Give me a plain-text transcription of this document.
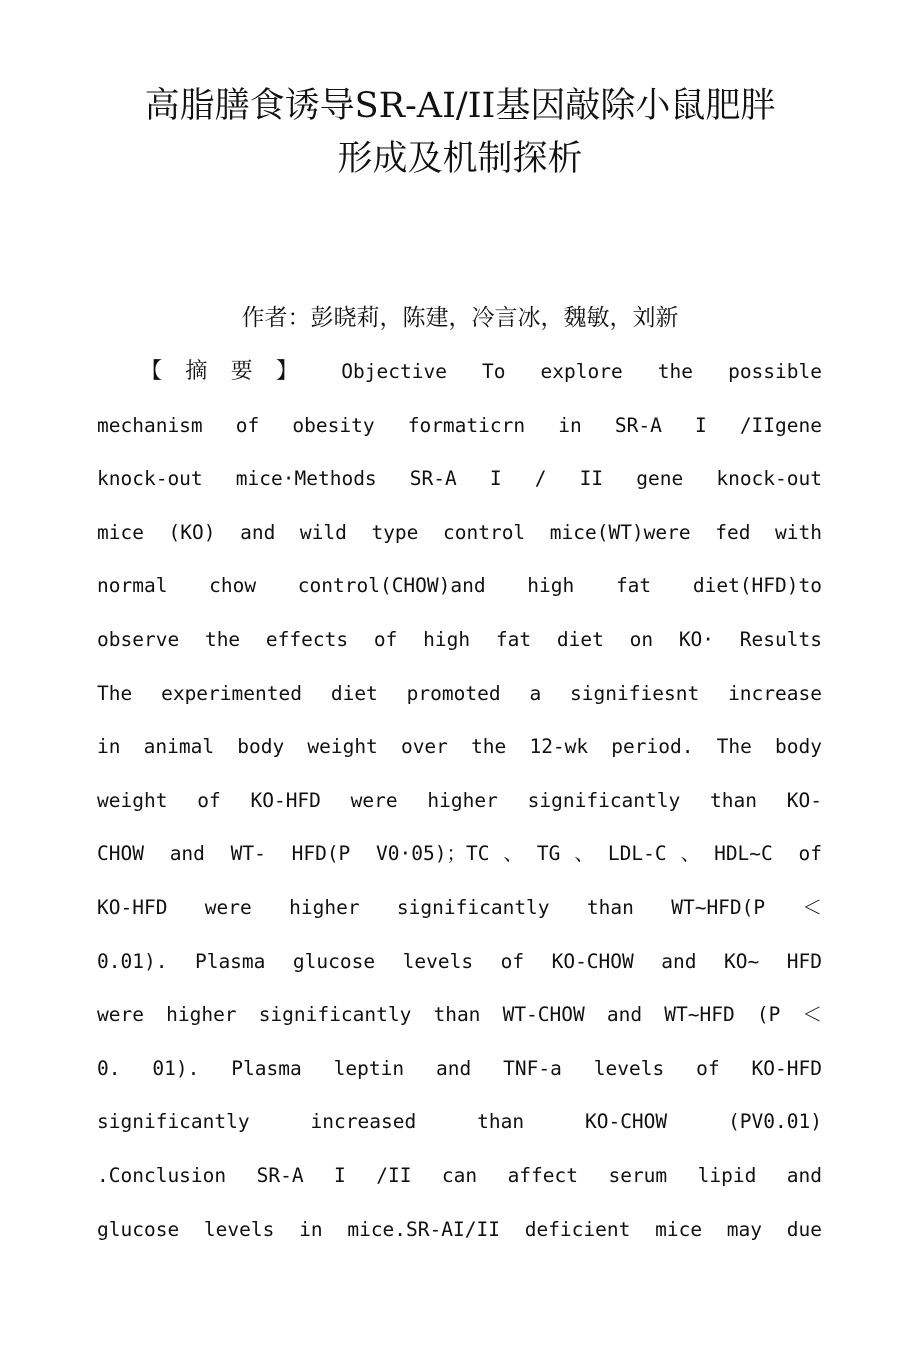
高脂膳食诱导SR-AⅠ/II基因敲除小鼠肥胖
形成及机制探析
作者：彭晓莉，陈建，冷言冰，魏敏，刘新
【摘要】 Objective To explore the possible
mechanism of obesity formaticrn in SR-A I /IIgene
knock-out mice·Methods SR-A I / II gene knock-out
mice (KO) and wild type control mice(WT)were fed with
normal chow control(CHOW)and high fat diet(HFD)to
observe the effects of high fat diet on KO· Results
The experimented diet promoted a signifiesnt increase
in animal body weight over the 12-wk period. The body
weight of KO-HFD were higher significantly than KO-
CHOW and WT- HFD(P V0·05)；TC、TG、LDL-C、HDL~C of
KO-HFD were higher significantly than WT~HFD(P ＜
0.01). Plasma glucose levels of KO-CHOW and KO~ HFD
were higher significantly than WT-CHOW and WT~HFD (P ＜
0. 01). Plasma leptin and TNF-a levels of KO-HFD
significantly increased than KO-CHOW (PV0.01)
.Conclusion SR-A I /II can affect serum lipid and
glucose levels in mice.SR-AI/II deficient mice may due
